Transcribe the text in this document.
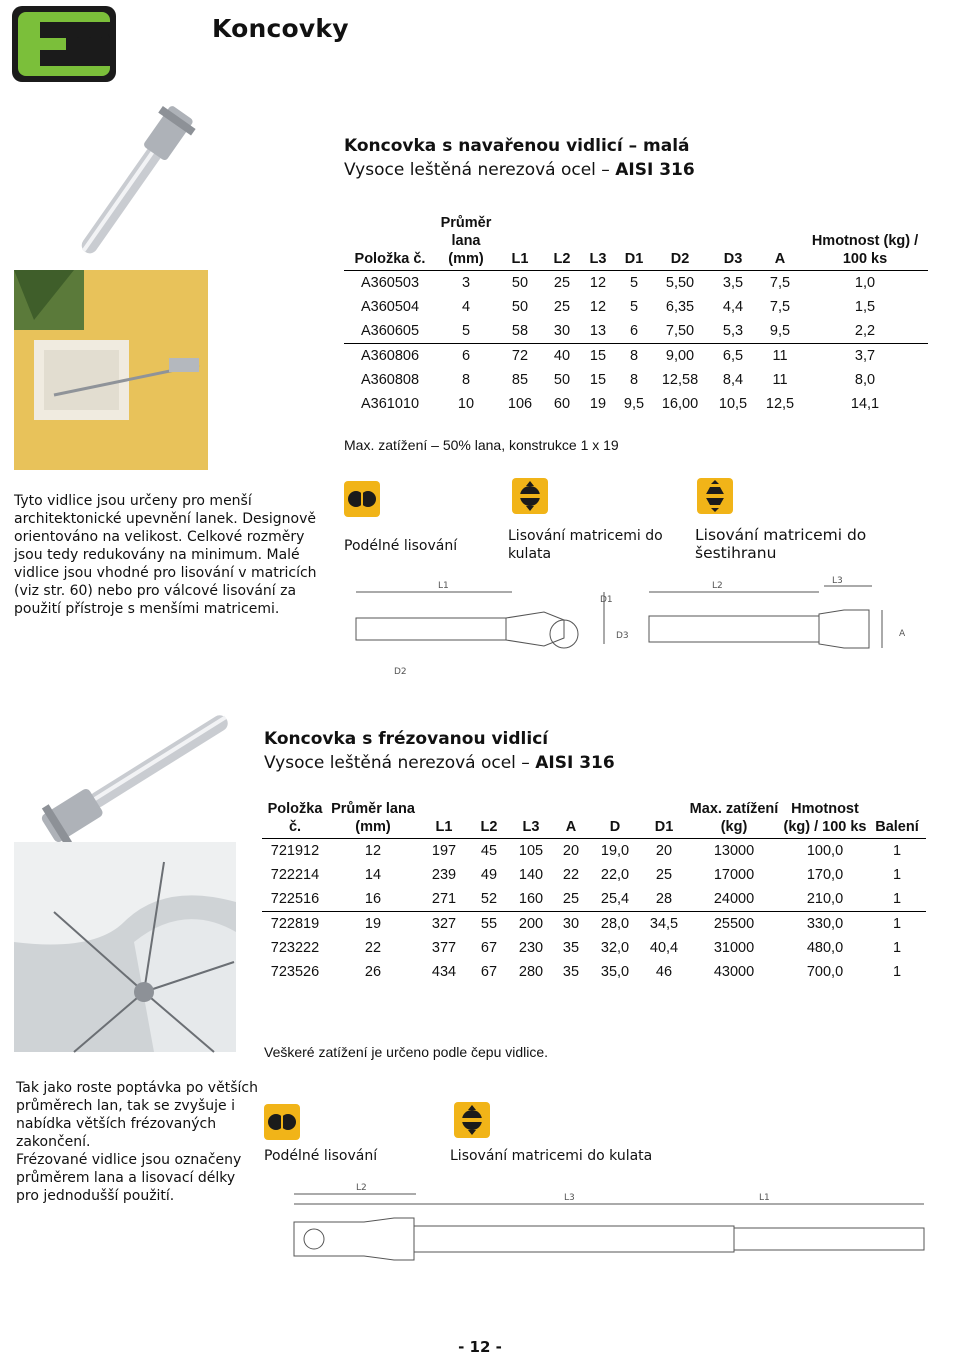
Koncovky
Koncovka s navařenou vidlicí – malá
Vysoce leštěná nerezová ocel – AISI 316
Položka č.	Průměr lana (mm)	L1	L2	L3	D1	D2	D3	A	Hmotnost (kg) / 100 ks
A360503	3	50	25	12	5	5,50	3,5	7,5	1,0
A360504	4	50	25	12	5	6,35	4,4	7,5	1,5
A360605	5	58	30	13	6	7,50	5,3	9,5	2,2
A360806	6	72	40	15	8	9,00	6,5	11	3,7
A360808	8	85	50	15	8	12,58	8,4	11	8,0
A361010	10	106	60	19	9,5	16,00	10,5	12,5	14,1
Max. zatížení – 50% lana, konstrukce 1 x 19
Tyto vidlice jsou určeny pro menší architektonické upevnění lanek. Designově orientováno na velikost. Celkové rozměry jsou tedy redukovány na minimum. Malé vidlice jsou vhodné pro lisování v matricích (viz str. 60) nebo pro válcové lisování za použití přístroje s menšími matricemi.
Podélné lisování
Lisování matricemi do kulata
Lisování matricemi do šestihranu
L1	L2	L3
D1
D2
D3	A
Koncovka s frézovanou vidlicí
Vysoce leštěná nerezová ocel – AISI 316
Položka č.	Průměr lana (mm)	L1	L2	L3	A	D	D1	Max. zatížení (kg)	Hmotnost (kg) / 100 ks	Balení
721912	12	197	45	105	20	19,0	20	13000	100,0	1
722214	14	239	49	140	22	22,0	25	17000	170,0	1
722516	16	271	52	160	25	25,4	28	24000	210,0	1
722819	19	327	55	200	30	28,0	34,5	25500	330,0	1
723222	22	377	67	230	35	32,0	40,4	31000	480,0	1
723526	26	434	67	280	35	35,0	46	43000	700,0	1
Veškeré zatížení je určeno podle čepu vidlice.
Tak jako roste poptávka po větších průměrech lan, tak se zvyšuje i nabídka větších frézovaných zakončení.
Frézované vidlice jsou označeny průměrem lana a lisovací délky pro jednodušší použití.
Podélné lisování	Lisování matricemi do kulata
L2
L3	L1
- 12 -
